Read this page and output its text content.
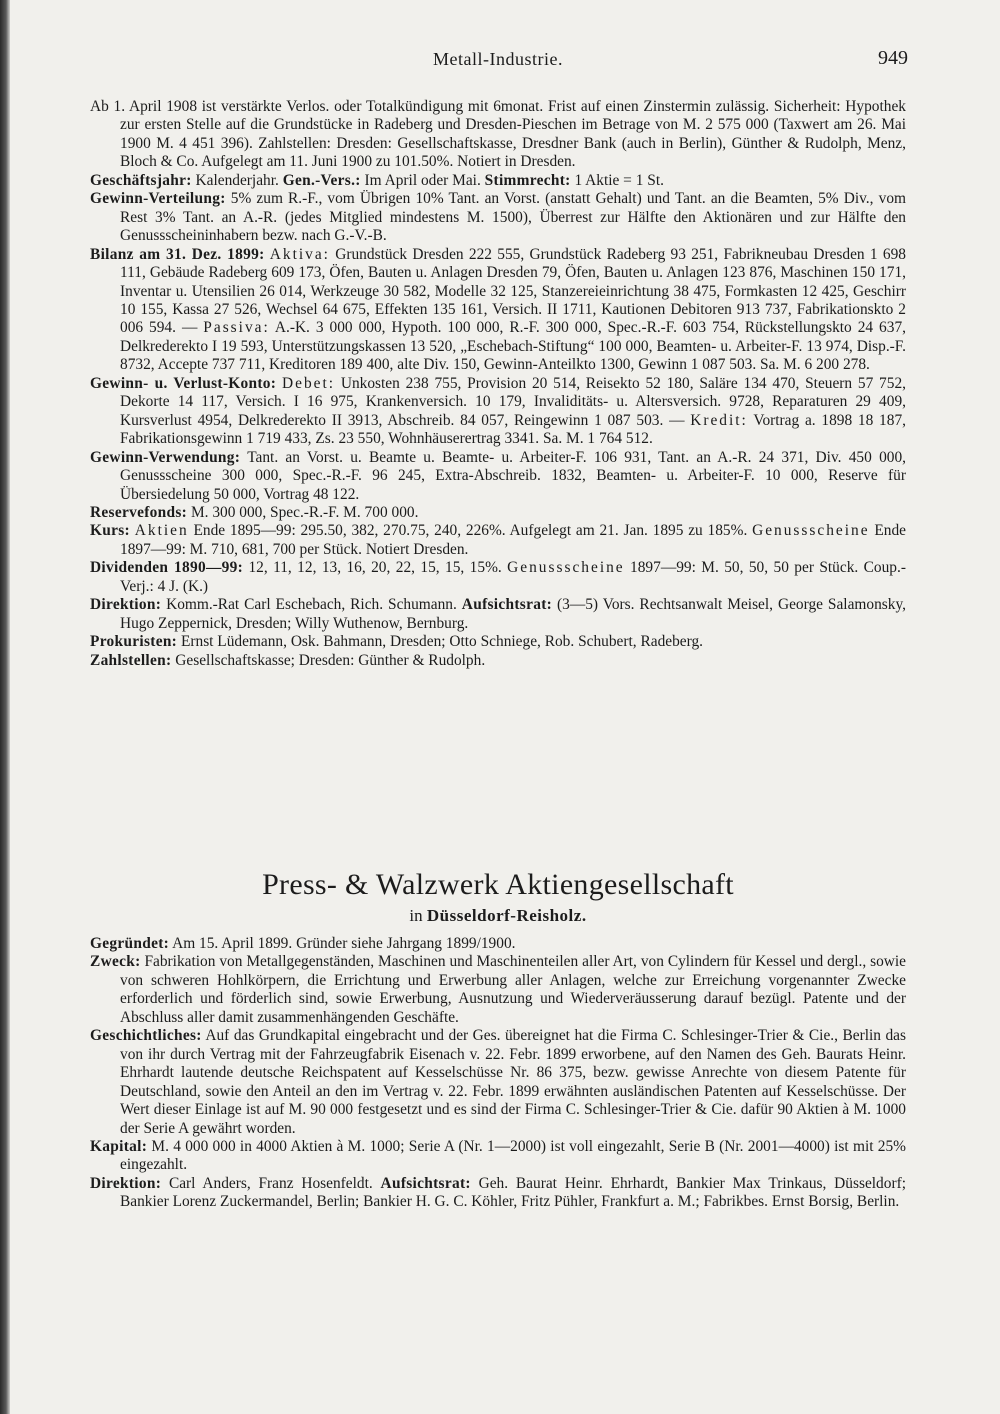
Metall-Industrie.	949
Ab 1. April 1908 ist verstärkte Verlos. oder Totalkündigung mit 6monat. Frist auf einen Zinstermin zulässig. Sicherheit: Hypothek zur ersten Stelle auf die Grundstücke in Radeberg und Dresden-Pieschen im Betrage von M. 2 575 000 (Taxwert am 26. Mai 1900 M. 4 451 396). Zahlstellen: Dresden: Gesellschaftskasse, Dresdner Bank (auch in Berlin), Günther & Rudolph, Menz, Bloch & Co. Aufgelegt am 11. Juni 1900 zu 101.50%. Notiert in Dresden.
Geschäftsjahr: Kalenderjahr. Gen.-Vers.: Im April oder Mai. Stimmrecht: 1 Aktie = 1 St.
Gewinn-Verteilung: 5% zum R.-F., vom Übrigen 10% Tant. an Vorst. (anstatt Gehalt) und Tant. an die Beamten, 5% Div., vom Rest 3% Tant. an A.-R. (jedes Mitglied mindestens M. 1500), Überrest zur Hälfte den Aktionären und zur Hälfte den Genussscheininhabern bezw. nach G.-V.-B.
Bilanz am 31. Dez. 1899: Aktiva: Grundstück Dresden 222 555, Grundstück Radeberg 93 251, Fabrikneubau Dresden 1 698 111, Gebäude Radeberg 609 173, Öfen, Bauten u. Anlagen Dresden 79, Öfen, Bauten u. Anlagen 123 876, Maschinen 150 171, Inventar u. Utensilien 26 014, Werkzeuge 30 582, Modelle 32 125, Stanzereieinrichtung 38 475, Formkasten 12 425, Geschirr 10 155, Kassa 27 526, Wechsel 64 675, Effekten 135 161, Versich. II 1711, Kautionen Debitoren 913 737, Fabrikationskto 2 006 594. — Passiva: A.-K. 3 000 000, Hypoth. 100 000, R.-F. 300 000, Spec.-R.-F. 603 754, Rückstellungskto 24 637, Delkrederekto I 19 593, Unterstützungskassen 13 520, „Eschebach-Stiftung“ 100 000, Beamten- u. Arbeiter-F. 13 974, Disp.-F. 8732, Accepte 737 711, Kreditoren 189 400, alte Div. 150, Gewinn-Anteilkto 1300, Gewinn 1 087 503. Sa. M. 6 200 278.
Gewinn- u. Verlust-Konto: Debet: Unkosten 238 755, Provision 20 514, Reisekto 52 180, Saläre 134 470, Steuern 57 752, Dekorte 14 117, Versich. I 16 975, Krankenversich. 10 179, Invaliditäts- u. Altersversich. 9728, Reparaturen 29 409, Kursverlust 4954, Delkrederekto II 3913, Abschreib. 84 057, Reingewinn 1 087 503. — Kredit: Vortrag a. 1898 18 187, Fabrikationsgewinn 1 719 433, Zs. 23 550, Wohnhäuserertrag 3341. Sa. M. 1 764 512.
Gewinn-Verwendung: Tant. an Vorst. u. Beamte u. Beamte- u. Arbeiter-F. 106 931, Tant. an A.-R. 24 371, Div. 450 000, Genussscheine 300 000, Spec.-R.-F. 96 245, Extra-Abschreib. 1832, Beamten- u. Arbeiter-F. 10 000, Reserve für Übersiedelung 50 000, Vortrag 48 122.
Reservefonds: M. 300 000, Spec.-R.-F. M. 700 000.
Kurs: Aktien Ende 1895—99: 295.50, 382, 270.75, 240, 226%. Aufgelegt am 21. Jan. 1895 zu 185%. Genussscheine Ende 1897—99: M. 710, 681, 700 per Stück. Notiert Dresden.
Dividenden 1890—99: 12, 11, 12, 13, 16, 20, 22, 15, 15, 15%. Genussscheine 1897—99: M. 50, 50, 50 per Stück. Coup.-Verj.: 4 J. (K.)
Direktion: Komm.-Rat Carl Eschebach, Rich. Schumann. Aufsichtsrat: (3—5) Vors. Rechtsanwalt Meisel, George Salamonsky, Hugo Zeppernick, Dresden; Willy Wuthenow, Bernburg.
Prokuristen: Ernst Lüdemann, Osk. Bahmann, Dresden; Otto Schniege, Rob. Schubert, Radeberg.
Zahlstellen: Gesellschaftskasse; Dresden: Günther & Rudolph.
Press- & Walzwerk Aktiengesellschaft
in Düsseldorf-Reisholz.
Gegründet: Am 15. April 1899. Gründer siehe Jahrgang 1899/1900.
Zweck: Fabrikation von Metallgegenständen, Maschinen und Maschinenteilen aller Art, von Cylindern für Kessel und dergl., sowie von schweren Hohlkörpern, die Errichtung und Erwerbung aller Anlagen, welche zur Erreichung vorgenannter Zwecke erforderlich und förderlich sind, sowie Erwerbung, Ausnutzung und Wiederveräusserung darauf bezügl. Patente und der Abschluss aller damit zusammenhängenden Geschäfte.
Geschichtliches: Auf das Grundkapital eingebracht und der Ges. übereignet hat die Firma C. Schlesinger-Trier & Cie., Berlin das von ihr durch Vertrag mit der Fahrzeugfabrik Eisenach v. 22. Febr. 1899 erworbene, auf den Namen des Geh. Baurats Heinr. Ehrhardt lautende deutsche Reichspatent auf Kesselschüsse Nr. 86 375, bezw. gewisse Anrechte von diesem Patente für Deutschland, sowie den Anteil an den im Vertrag v. 22. Febr. 1899 erwähnten ausländischen Patenten auf Kesselschüsse. Der Wert dieser Einlage ist auf M. 90 000 festgesetzt und es sind der Firma C. Schlesinger-Trier & Cie. dafür 90 Aktien à M. 1000 der Serie A gewährt worden.
Kapital: M. 4 000 000 in 4000 Aktien à M. 1000; Serie A (Nr. 1—2000) ist voll eingezahlt, Serie B (Nr. 2001—4000) ist mit 25% eingezahlt.
Direktion: Carl Anders, Franz Hosenfeldt. Aufsichtsrat: Geh. Baurat Heinr. Ehrhardt, Bankier Max Trinkaus, Düsseldorf; Bankier Lorenz Zuckermandel, Berlin; Bankier H. G. C. Köhler, Fritz Pühler, Frankfurt a. M.; Fabrikbes. Ernst Borsig, Berlin.
